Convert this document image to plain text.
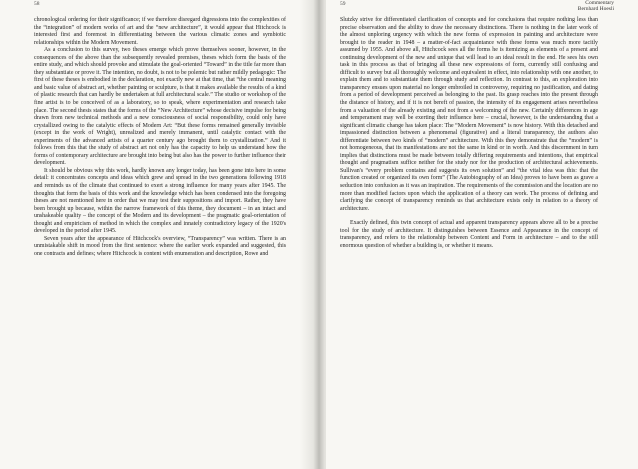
58

chronological ordering for their significance; if we therefore disregard digressions into the complexities of the “integration” of modern works of art and the “new architecture”, it would appear that Hitchcock is interested first and foremost in differentiating between the various climatic zones and symbiotic relationships within the Modern Movement.

As a conclusion to this survey, two theses emerge which prove themselves sooner, however, in the consequences of the above than the subsequently revealed premises, theses which form the basis of the entire study, and which should provoke and stimulate the goal-oriented “Toward” in the title far more than they substantiate or prove it. The intention, no doubt, is not to be polemic but rather mildly pedagogic: The first of these theses is embodied in the declaration, not exactly new at that time, that “the central meaning and basic value of abstract art, whether painting or sculpture, is that it makes available the results of a kind of plastic research that can hardly be undertaken at full architectural scale.” The studio or workshop of the fine artist is to be conceived of as a laboratory, so to speak, where experimentation and research take place. The second thesis states that the forms of the “New Architecture” whose decisive impulse for being drawn from new technical methods and a new consciousness of social responsibility, could only have crystallized owing to the catalytic effects of Modern Art: “But these forms remained generally invisible (except in the work of Wright), unrealized and merely immanent, until catalytic contact with the experiments of the advanced artists of a quarter century ago brought them to crystallization.” And it follows from this that the study of abstract art not only has the capacity to help us understand how the forms of contemporary architecture are brought into being but also has the power to further influence their development.

It should be obvious why this work, hardly known any longer today, has been gone into here in some detail: it concentrates concepts and ideas which grew and spread in the two generations following 1918 and reminds us of the climate that continued to exert a strong influence for many years after 1945. The thoughts that form the basis of this work and the knowledge which has been condensed into the foregoing theses are not mentioned here in order that we may test their suppositions and import. Rather, they have been brought up because, within the narrow framework of this theme, they document – in an intact and unshakeable quality – the concept of the Modern and its development – the pragmatic goal-orientation of thought and empiricism of method in which the complex and innately contradictory legacy of the 1920's developed in the period after 1945.

Seven years after the appearance of Hitchcock's overview, “Transparency” was written. There is an unmistakable shift in mood from the first sentence: where the earlier work expanded and suggested, this one contracts and defines; where Hitchcock is content with enumeration and description, Rowe and

59	Commentary
Bernhard Hoesli

Slutzky strive for differentiated clarification of concepts and for conclusions that require nothing less than precise observation and the ability to draw the necessary distinctions. There is nothing in the later work of the almost unploring urgency with which the new forms of expression in painting and architecture were brought to the reader in 1948 – a matter-of-fact acquaintance with these forms was much more tacitly assumed by 1955. And above all, Hitchcock sees all the forms he is itemizing as elements of a present and continuing development of the new and unique that will lead to an ideal result in the end. He sees his own task in this process as that of bringing all these new expressions of form, currently still confusing and difficult to survey but all thoroughly welcome and equivalent in effect, into relationship with one another, to explain them and to substantiate them through study and reflection. In contrast to this, an exploration into transparency ensues upon material no longer embroiled in controversy, requiring no justification, and dating from a period of development perceived as belonging to the past. Its grasp reaches into the present through the distance of history, and if it is not bereft of passion, the intensity of its engagement arises nevertheless from a valuation of the already existing and not from a welcoming of the new. Certainly differences in age and temperament may well be exerting their influence here – crucial, however, is the understanding that a significant climatic change has taken place: The “Modern Movement” is now history. With this detached and impassioned distinction between a phenomenal (figurative) and a literal transparency, the authors also differentiate between two kinds of “modern” architecture. With this they demonstrate that the “modern” is not homogeneous, that its manifestations are not the same in kind or in worth. And this discernment in turn implies that distinctions must be made between totally differing requirements and intentions, that empirical thought and pragmatism suffice neither for the study nor for the production of architectural achievements. Sullivan's “every problem contains and suggests its own solution” and “the vital idea was this: that the function created or organized its own form” (The Autobiography of an Idea) proves to have been as grave a seduction into confusion as it was an inspiration. The requirements of the commission and the location are no more than modified factors upon which the application of a theory can work. The process of defining and clarifying the concept of transparency reminds us that architecture exists only in relation to a theory of architecture.

Exactly defined, this twin concept of actual and apparent transparency appears above all to be a precise tool for the study of architecture. It distinguishes between Essence and Appearance in the concept of transparency, and refers to the relationship between Content and Form in architecture – and to the still enormous question of whether a building is, or whether it means.
